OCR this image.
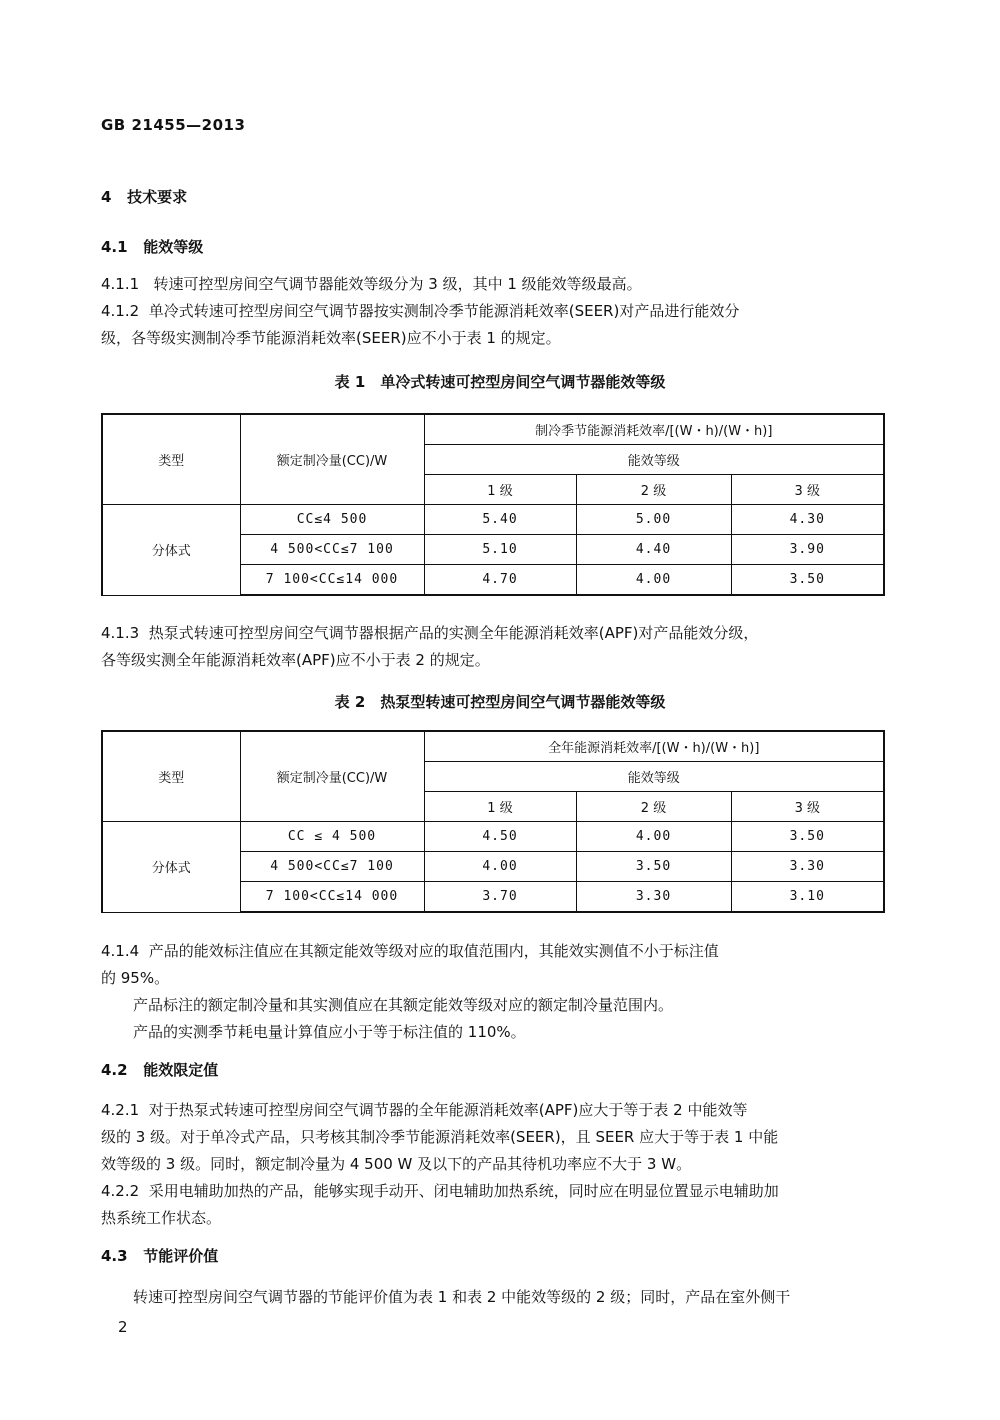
GB 21455—2013
4 技术要求
4.1 能效等级
4.1.1 转速可控型房间空气调节器能效等级分为 3 级，其中 1 级能效等级最高。
4.1.2 单冷式转速可控型房间空气调节器按实测制冷季节能源消耗效率(SEER)对产品进行能效分
级，各等级实测制冷季节能源消耗效率(SEER)应不小于表 1 的规定。
表 1　单冷式转速可控型房间空气调节器能效等级
类型	额定制冷量(CC)/W	制冷季节能源消耗效率/[(W・h)/(W・h)]		
		能效等级		
		1 级	2 级	3 级
分体式	CC≤4 500	5.40	5.00	4.30
	4 500<CC≤7 100	5.10	4.40	3.90
	7 100<CC≤14 000	4.70	4.00	3.50
4.1.3 热泵式转速可控型房间空气调节器根据产品的实测全年能源消耗效率(APF)对产品能效分级，
各等级实测全年能源消耗效率(APF)应不小于表 2 的规定。
表 2　热泵型转速可控型房间空气调节器能效等级
类型	额定制冷量(CC)/W	全年能源消耗效率/[(W・h)/(W・h)]		
		能效等级		
		1 级	2 级	3 级
分体式	CC ≤ 4 500	4.50	4.00	3.50
	4 500<CC≤7 100	4.00	3.50	3.30
	7 100<CC≤14 000	3.70	3.30	3.10
4.1.4 产品的能效标注值应在其额定能效等级对应的取值范围内，其能效实测值不小于标注值
的 95%。
产品标注的额定制冷量和其实测值应在其额定能效等级对应的额定制冷量范围内。
产品的实测季节耗电量计算值应小于等于标注值的 110%。
4.2 能效限定值
4.2.1 对于热泵式转速可控型房间空气调节器的全年能源消耗效率(APF)应大于等于表 2 中能效等
级的 3 级。对于单冷式产品，只考核其制冷季节能源消耗效率(SEER)，且 SEER 应大于等于表 1 中能
效等级的 3 级。同时，额定制冷量为 4 500 W 及以下的产品其待机功率应不大于 3 W。
4.2.2 采用电辅助加热的产品，能够实现手动开、闭电辅助加热系统，同时应在明显位置显示电辅助加
热系统工作状态。
4.3 节能评价值
转速可控型房间空气调节器的节能评价值为表 1 和表 2 中能效等级的 2 级；同时，产品在室外侧干
2
